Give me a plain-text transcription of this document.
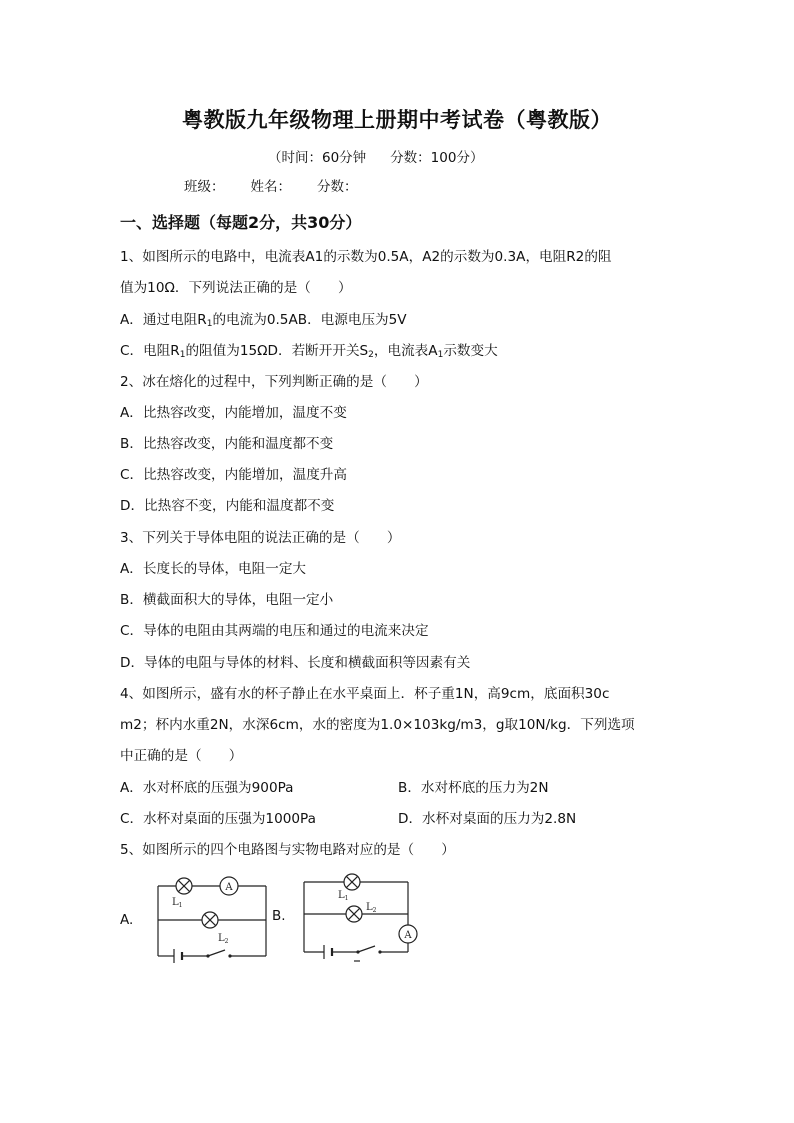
粤教版九年级物理上册期中考试卷（粤教版）
（时间：60分钟 分数：100分）
班级： 姓名： 分数：
一、选择题（每题2分，共30分）
1、如图所示的电路中，电流表A1的示数为0.5A，A2的示数为0.3A，电阻R2的阻
值为10Ω．下列说法正确的是（　　）
A．通过电阻$R_1$的电流为0.5AB．电源电压为5V
C．电阻$R_1$的阻值为15ΩD．若断开开关$S_2$，电流表$A_1$示数变大
2、冰在熔化的过程中，下列判断正确的是（　　）
A．比热容改变，内能增加，温度不变
B．比热容改变，内能和温度都不变
C．比热容改变，内能增加，温度升高
D．比热容不变，内能和温度都不变
3、下列关于导体电阻的说法正确的是（　　）
A．长度长的导体，电阻一定大
B．横截面积大的导体，电阻一定小
C．导体的电阻由其两端的电压和通过的电流来决定
D．导体的电阻与导体的材料、长度和横截面积等因素有关
4、如图所示，盛有水的杯子静止在水平桌面上．杯子重1N，高9cm，底面积30c
m2；杯内水重2N，水深6cm，水的密度为1.0×103kg/m3，g取10N/kg．下列选项
中正确的是（　　）
A．水对杯底的压强为900Pa	B．水对杯底的压力为2N
C．水杯对桌面的压强为1000Pa	D．水杯对桌面的压力为2.8N
5、如图所示的四个电路图与实物电路对应的是（　　）
A.	B.
A
$L_1$
$L_2$
A
$L_1$
$L_2$
